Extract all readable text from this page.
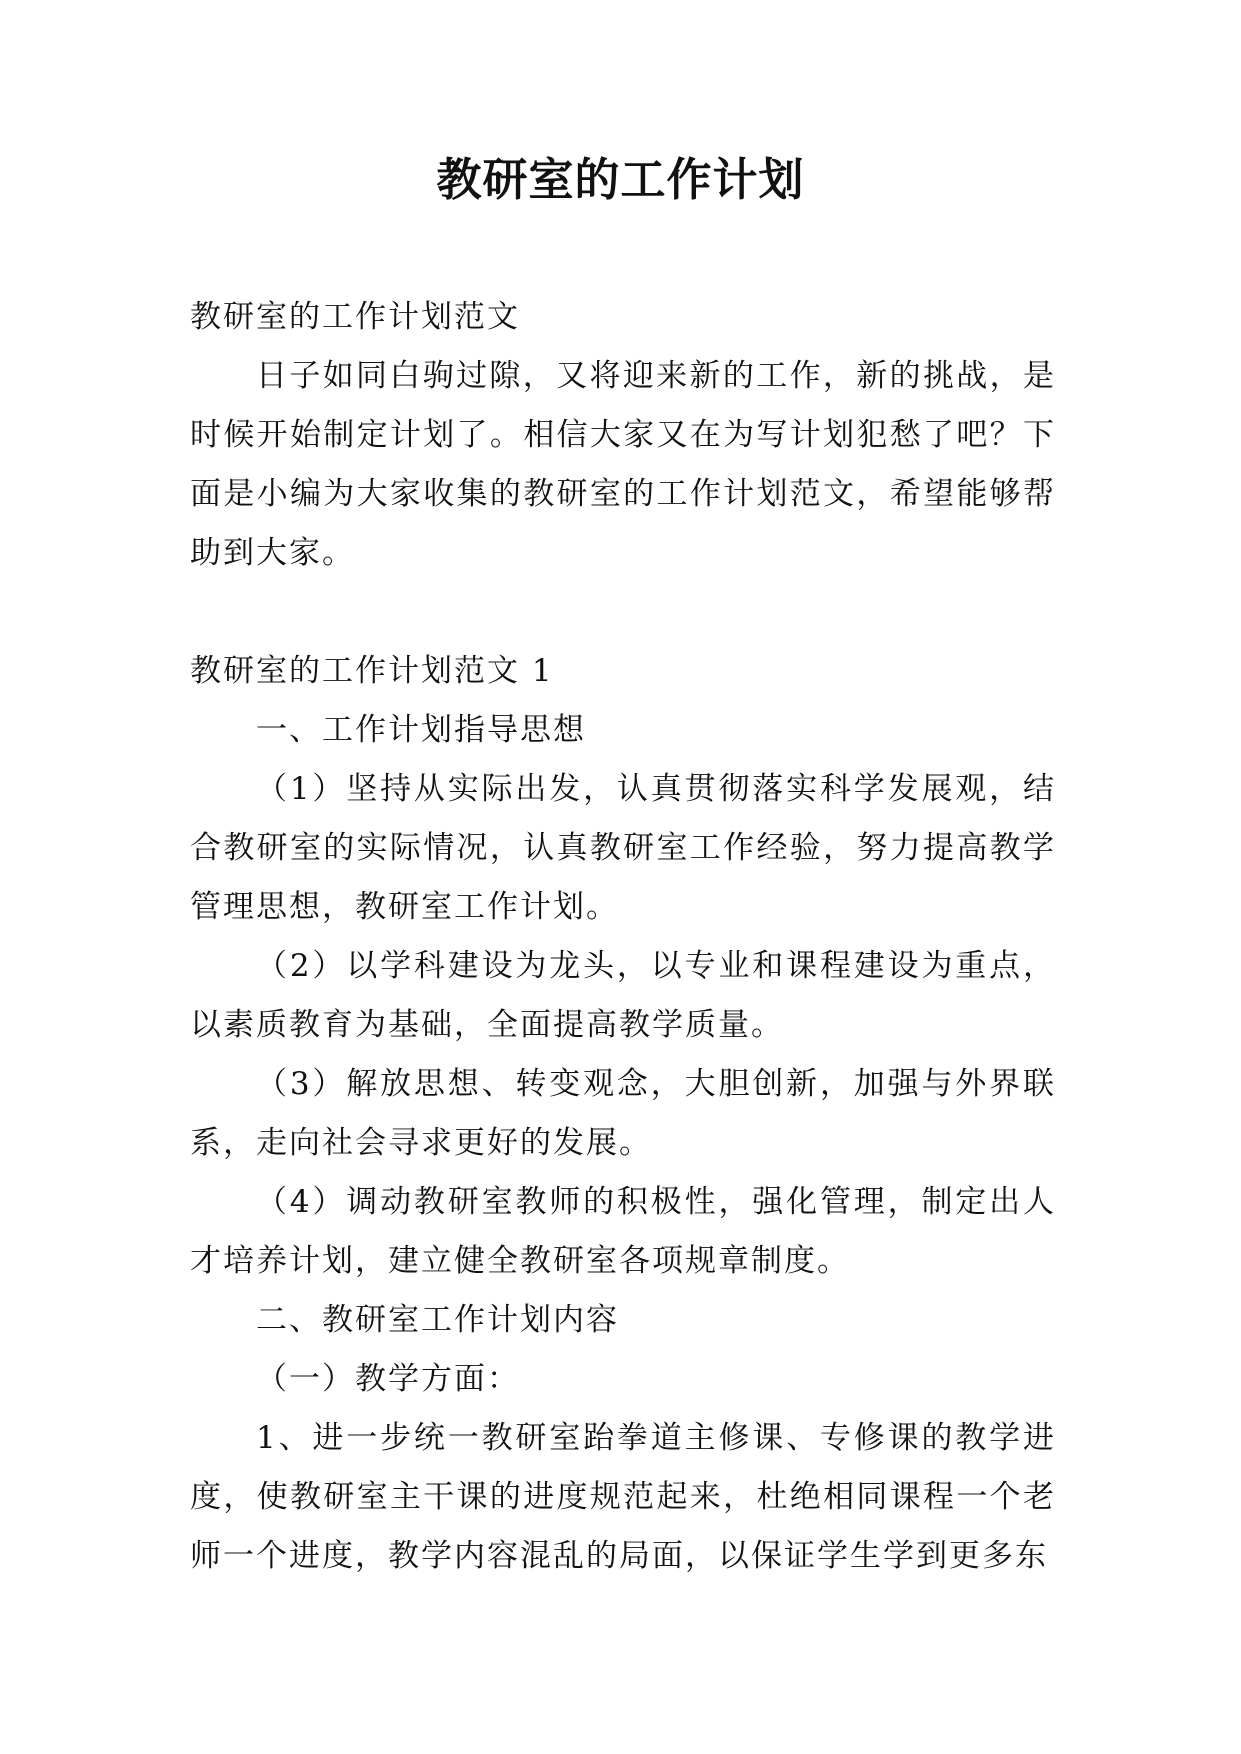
教研室的工作计划

教研室的工作计划范文

日子如同白驹过隙，又将迎来新的工作，新的挑战，是时候开始制定计划了。相信大家又在为写计划犯愁了吧？下面是小编为大家收集的教研室的工作计划范文，希望能够帮助到大家。

教研室的工作计划范文 1

一、工作计划指导思想

（1）坚持从实际出发，认真贯彻落实科学发展观，结合教研室的实际情况，认真教研室工作经验，努力提高教学管理思想，教研室工作计划。

（2）以学科建设为龙头，以专业和课程建设为重点，以素质教育为基础，全面提高教学质量。

（3）解放思想、转变观念，大胆创新，加强与外界联系，走向社会寻求更好的发展。

（4）调动教研室教师的积极性，强化管理，制定出人才培养计划，建立健全教研室各项规章制度。

二、教研室工作计划内容

（一）教学方面：

1、进一步统一教研室跆拳道主修课、专修课的教学进度，使教研室主干课的进度规范起来，杜绝相同课程一个老师一个进度，教学内容混乱的局面，以保证学生学到更多东
